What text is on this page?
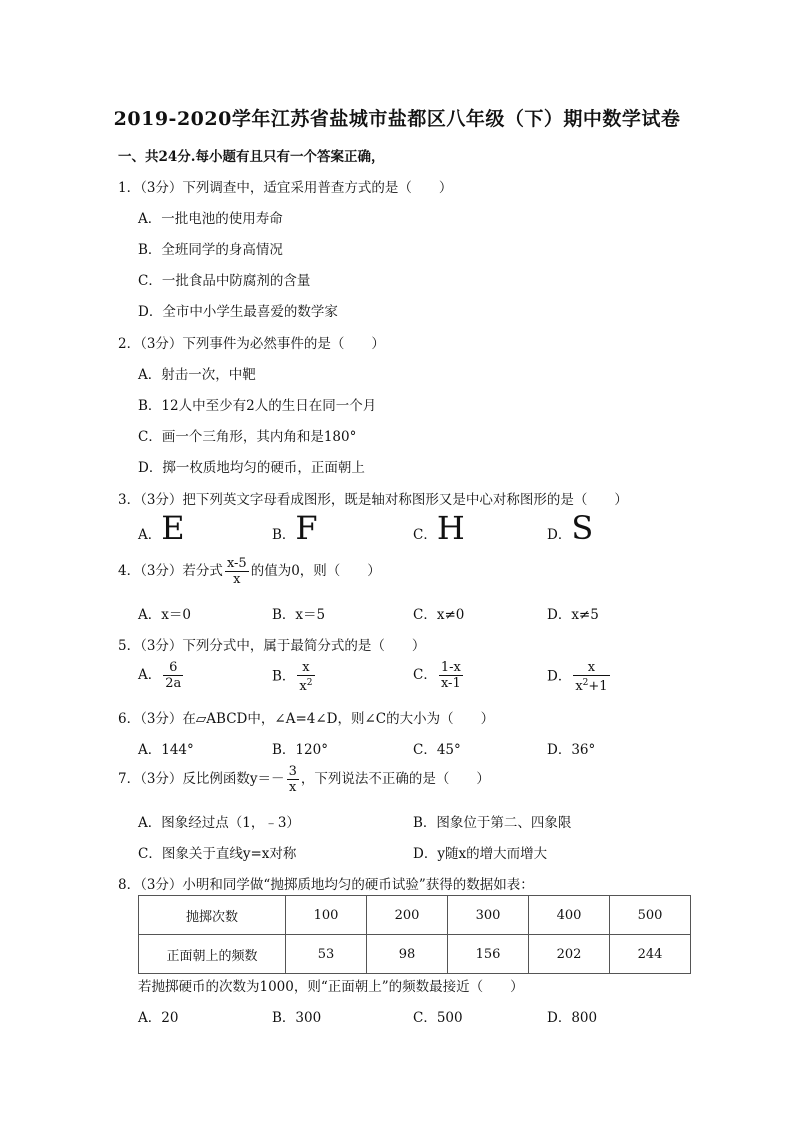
2019-2020学年江苏省盐城市盐都区八年级（下）期中数学试卷
一、共24分.每小题有且只有一个答案正确，
1．（3分）下列调查中，适宜采用普查方式的是（　　）
A．一批电池的使用寿命
B．全班同学的身高情况
C．一批食品中防腐剂的含量
D．全市中小学生最喜爱的数学家
2．（3分）下列事件为必然事件的是（　　）
A．射击一次，中靶
B．12人中至少有2人的生日在同一个月
C．画一个三角形，其内角和是180°
D．掷一枚质地均匀的硬币，正面朝上
3．（3分）把下列英文字母看成图形，既是轴对称图形又是中心对称图形的是（　　）
A．E	B．F	C．H	D．S
4．（3分）若分式 $\frac{x-5}{x}$ 的值为0，则（　　）
A．x＝0	B．x＝5	C．x≠0	D．x≠5
5．（3分）下列分式中，属于最简分式的是（　　）
A． $\frac{6}{2a}$	B． $\frac{x}{x^2}$	C． $\frac{1-x}{x-1}$	D． $\frac{x}{x^2+1}$
6．（3分）在▱ABCD中，∠A=4∠D，则∠C的大小为（　　）
A．144°	B．120°	C．45°	D．36°
7．（3分）反比例函数$y=- \frac{3}{x}$ ，下列说法不正确的是（　　）
A．图象经过点（1，﹣3）	B．图象位于第二、四象限
C．图象关于直线y=x对称	D．y随x的增大而增大
8．（3分）小明和同学做“抛掷质地均匀的硬币试验”获得的数据如表：
抛掷次数	100	200	300	400	500
正面朝上的频数	53	98	156	202	244
若抛掷硬币的次数为1000，则“正面朝上”的频数最接近（　　）
A．20	B．300	C．500	D．800
